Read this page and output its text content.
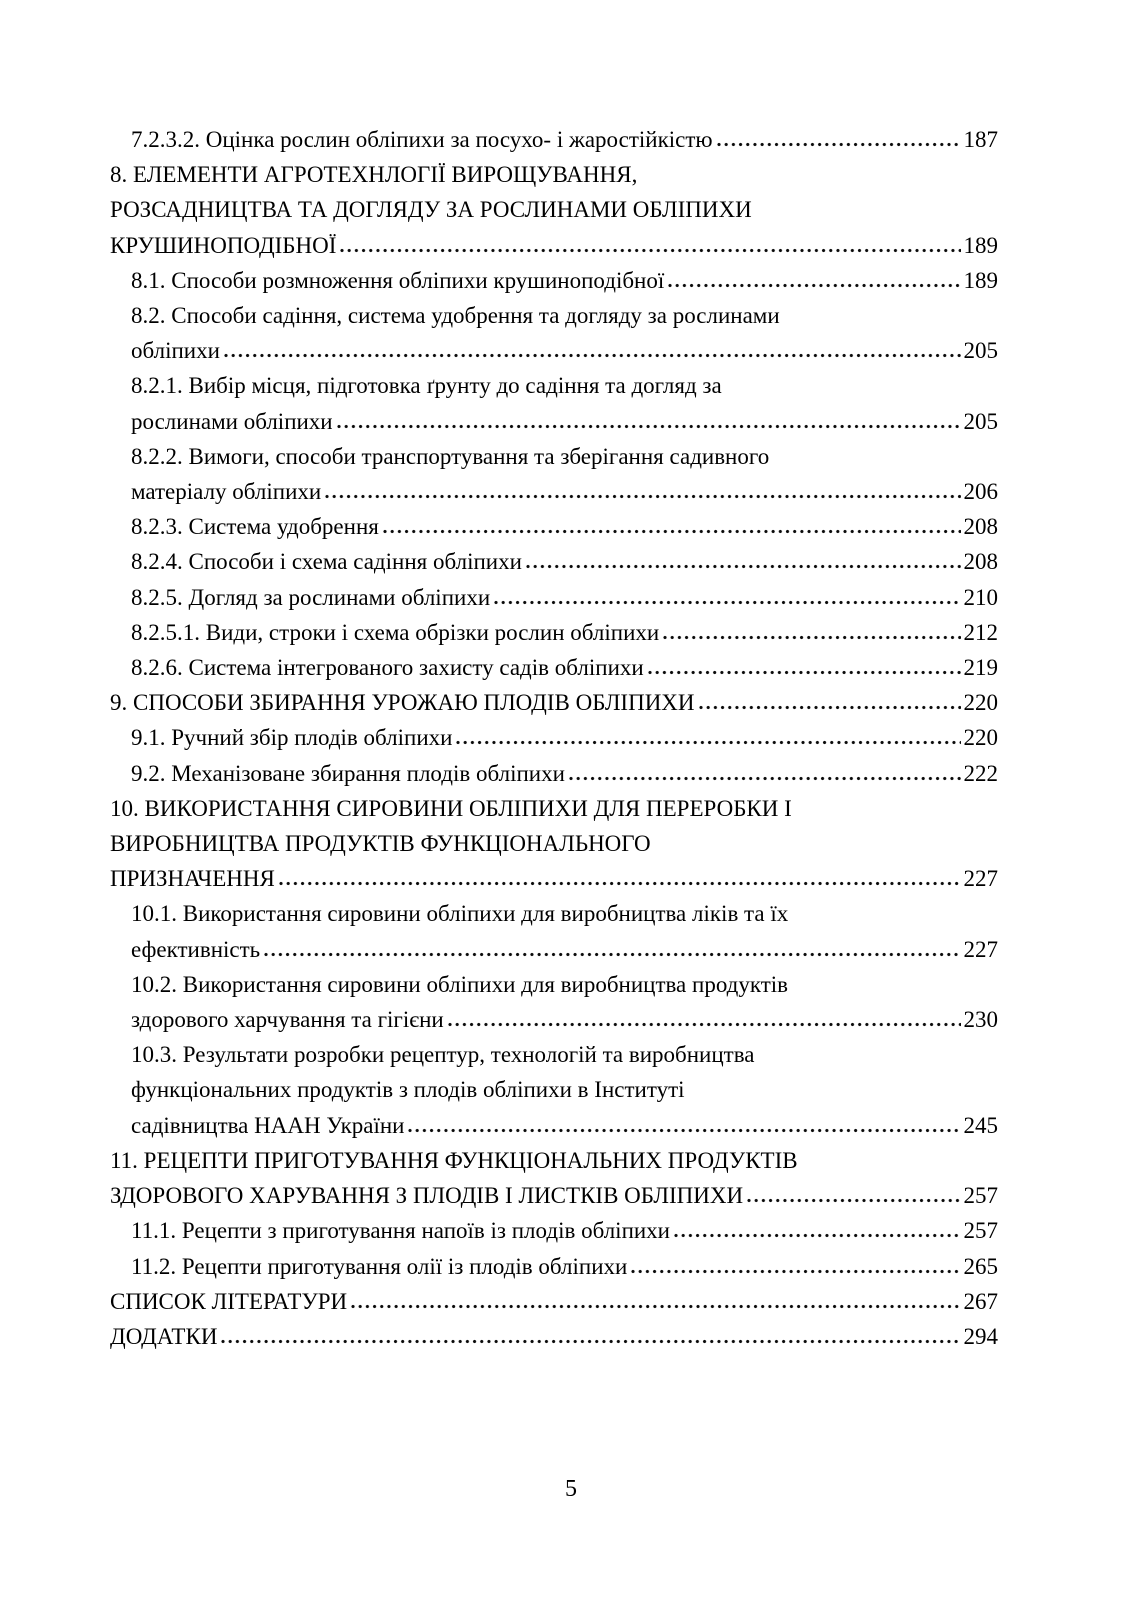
7.2.3.2. Оцінка рослин обліпихи за посухо- і жаростійкістю	187
8. ЕЛЕМЕНТИ АГРОТЕХНЛОГІЇ ВИРОЩУВАННЯ,
РОЗСАДНИЦТВА ТА ДОГЛЯДУ ЗА РОСЛИНАМИ ОБЛІПИХИ
КРУШИНОПОДІБНОЇ	189
8.1. Способи розмноження обліпихи крушиноподібної	189
8.2. Способи садіння, система удобрення та догляду за рослинами
обліпихи	205
8.2.1. Вибір місця, підготовка ґрунту до садіння та догляд за
рослинами обліпихи	205
8.2.2. Вимоги, способи транспортування та зберігання садивного
матеріалу обліпихи	206
8.2.3. Система удобрення	208
8.2.4. Способи і схема садіння обліпихи	208
8.2.5. Догляд за рослинами обліпихи	210
8.2.5.1. Види, строки і схема обрізки рослин обліпихи	212
8.2.6. Система інтегрованого захисту садів обліпихи	219
9. СПОСОБИ ЗБИРАННЯ УРОЖАЮ ПЛОДІВ ОБЛІПИХИ	220
9.1. Ручний збір плодів обліпихи	220
9.2. Механізоване збирання плодів обліпихи	222
10. ВИКОРИСТАННЯ СИРОВИНИ ОБЛІПИХИ ДЛЯ ПЕРЕРОБКИ І
ВИРОБНИЦТВА ПРОДУКТІВ ФУНКЦІОНАЛЬНОГО
ПРИЗНАЧЕННЯ	227
10.1. Використання сировини обліпихи для виробництва ліків та їх
ефективність	227
10.2. Використання сировини обліпихи для виробництва продуктів
здорового харчування та гігієни	230
10.3. Результати розробки рецептур, технологій та виробництва
функціональних продуктів з плодів обліпихи в Інституті
садівництва НААН України	245
11. РЕЦЕПТИ ПРИГОТУВАННЯ ФУНКЦІОНАЛЬНИХ ПРОДУКТІВ
ЗДОРОВОГО ХАРУВАННЯ З ПЛОДІВ І ЛИСТКІВ ОБЛІПИХИ	257
11.1. Рецепти з приготування напоїв із плодів обліпихи	257
11.2. Рецепти приготування олії із плодів обліпихи	265
СПИСОК ЛІТЕРАТУРИ	267
ДОДАТКИ	294
5
